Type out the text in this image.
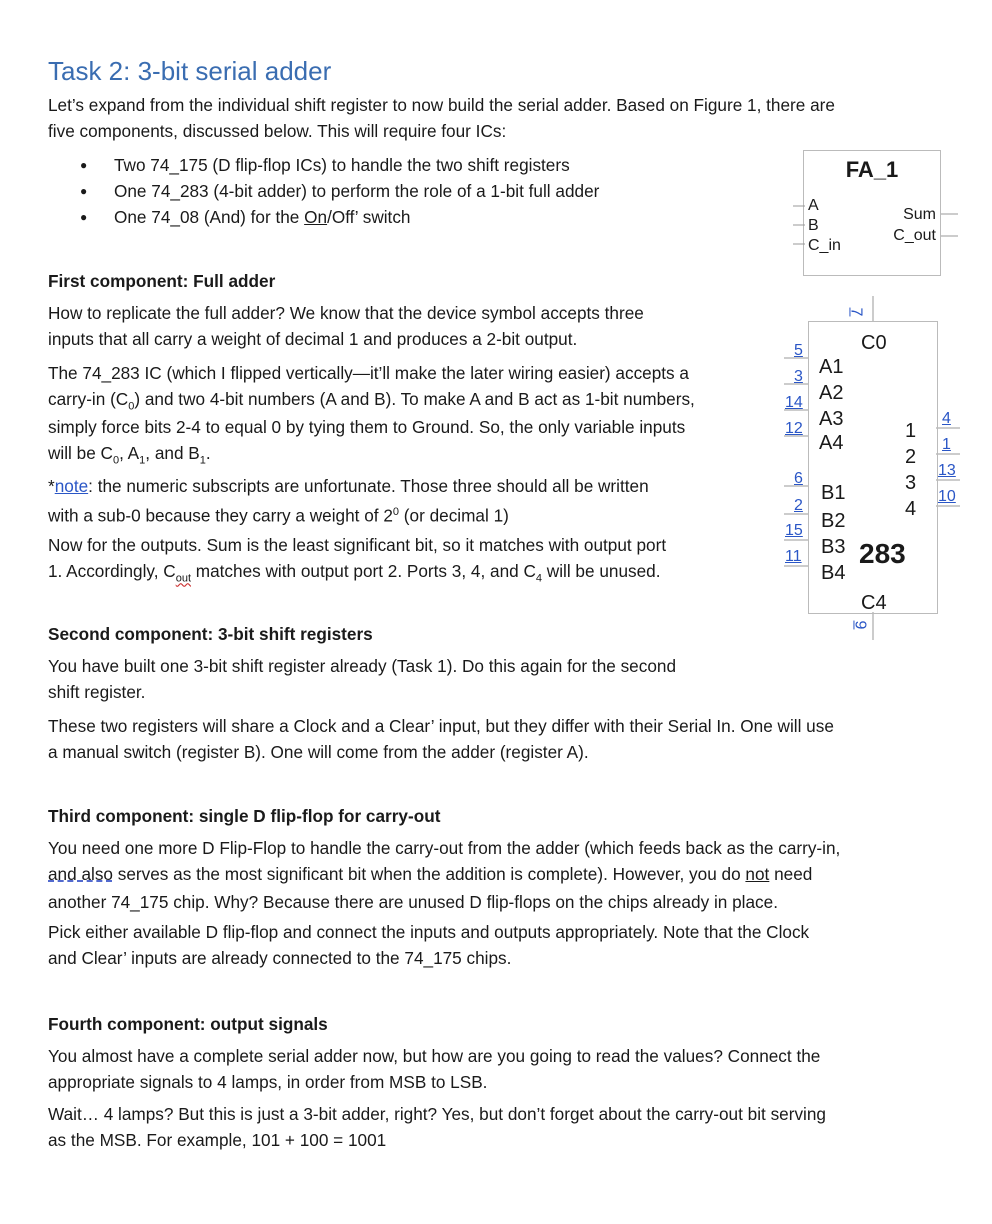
Task 2: 3-bit serial adder

Let’s expand from the individual shift register to now build the serial adder. Based on Figure 1, there are

five components, discussed below. This will require four ICs:

● Two 74_175 (D flip-flop ICs) to handle the two shift registers
● One 74_283 (4-bit adder) to perform the role of a 1-bit full adder
● One 74_08 (And) for the On/Off’ switch

First component: Full adder

How to replicate the full adder? We know that the device symbol accepts three

inputs that all carry a weight of decimal 1 and produces a 2-bit output.

The 74_283 IC (which I flipped vertically—it’ll make the later wiring easier) accepts a

carry-in $(C_0)$ and two 4-bit numbers (A and B). To make A and B act as 1-bit numbers,

simply force bits 2-4 to equal 0 by tying them to Ground. So, the only variable inputs

will be $C_0$, $A_1$, and $B_1$.

*note: the numeric subscripts are unfortunate. Those three should all be written

with a sub-0 because they carry a weight of $2^0$ (or decimal 1)

Now for the outputs. Sum is the least significant bit, so it matches with output port

1. Accordingly, $C_{out}$ matches with output port 2. Ports 3, 4, and $C_4$ will be unused.

Second component: 3-bit shift registers

You have built one 3-bit shift register already (Task 1). Do this again for the second

shift register.

These two registers will share a Clock and a Clear’ input, but they differ with their Serial In. One will use

a manual switch (register B). One will come from the adder (register A).

Third component: single D flip-flop for carry-out

You need one more D Flip-Flop to handle the carry-out from the adder (which feeds back as the carry-in,

and also serves as the most significant bit when the addition is complete). However, you do not need

another 74_175 chip. Why? Because there are unused D flip-flops on the chips already in place.

Pick either available D flip-flop and connect the inputs and outputs appropriately. Note that the Clock

and Clear’ inputs are already connected to the 74_175 chips.

Fourth component: output signals

You almost have a complete serial adder now, but how are you going to read the values? Connect the

appropriate signals to 4 lamps, in order from MSB to LSB.

Wait… 4 lamps? But this is just a 3-bit adder, right? Yes, but don’t forget about the carry-out bit serving

as the MSB. For example, 101 + 100 = 1001

FA_1
A
B
C_in
Sum
C_out
C0
A1
A2
A3
A4
B1
B2
B3
B4
283
C4
1
2
3
4
5
3
14
12
6
2
15
11
4
1
13
10
7
9
